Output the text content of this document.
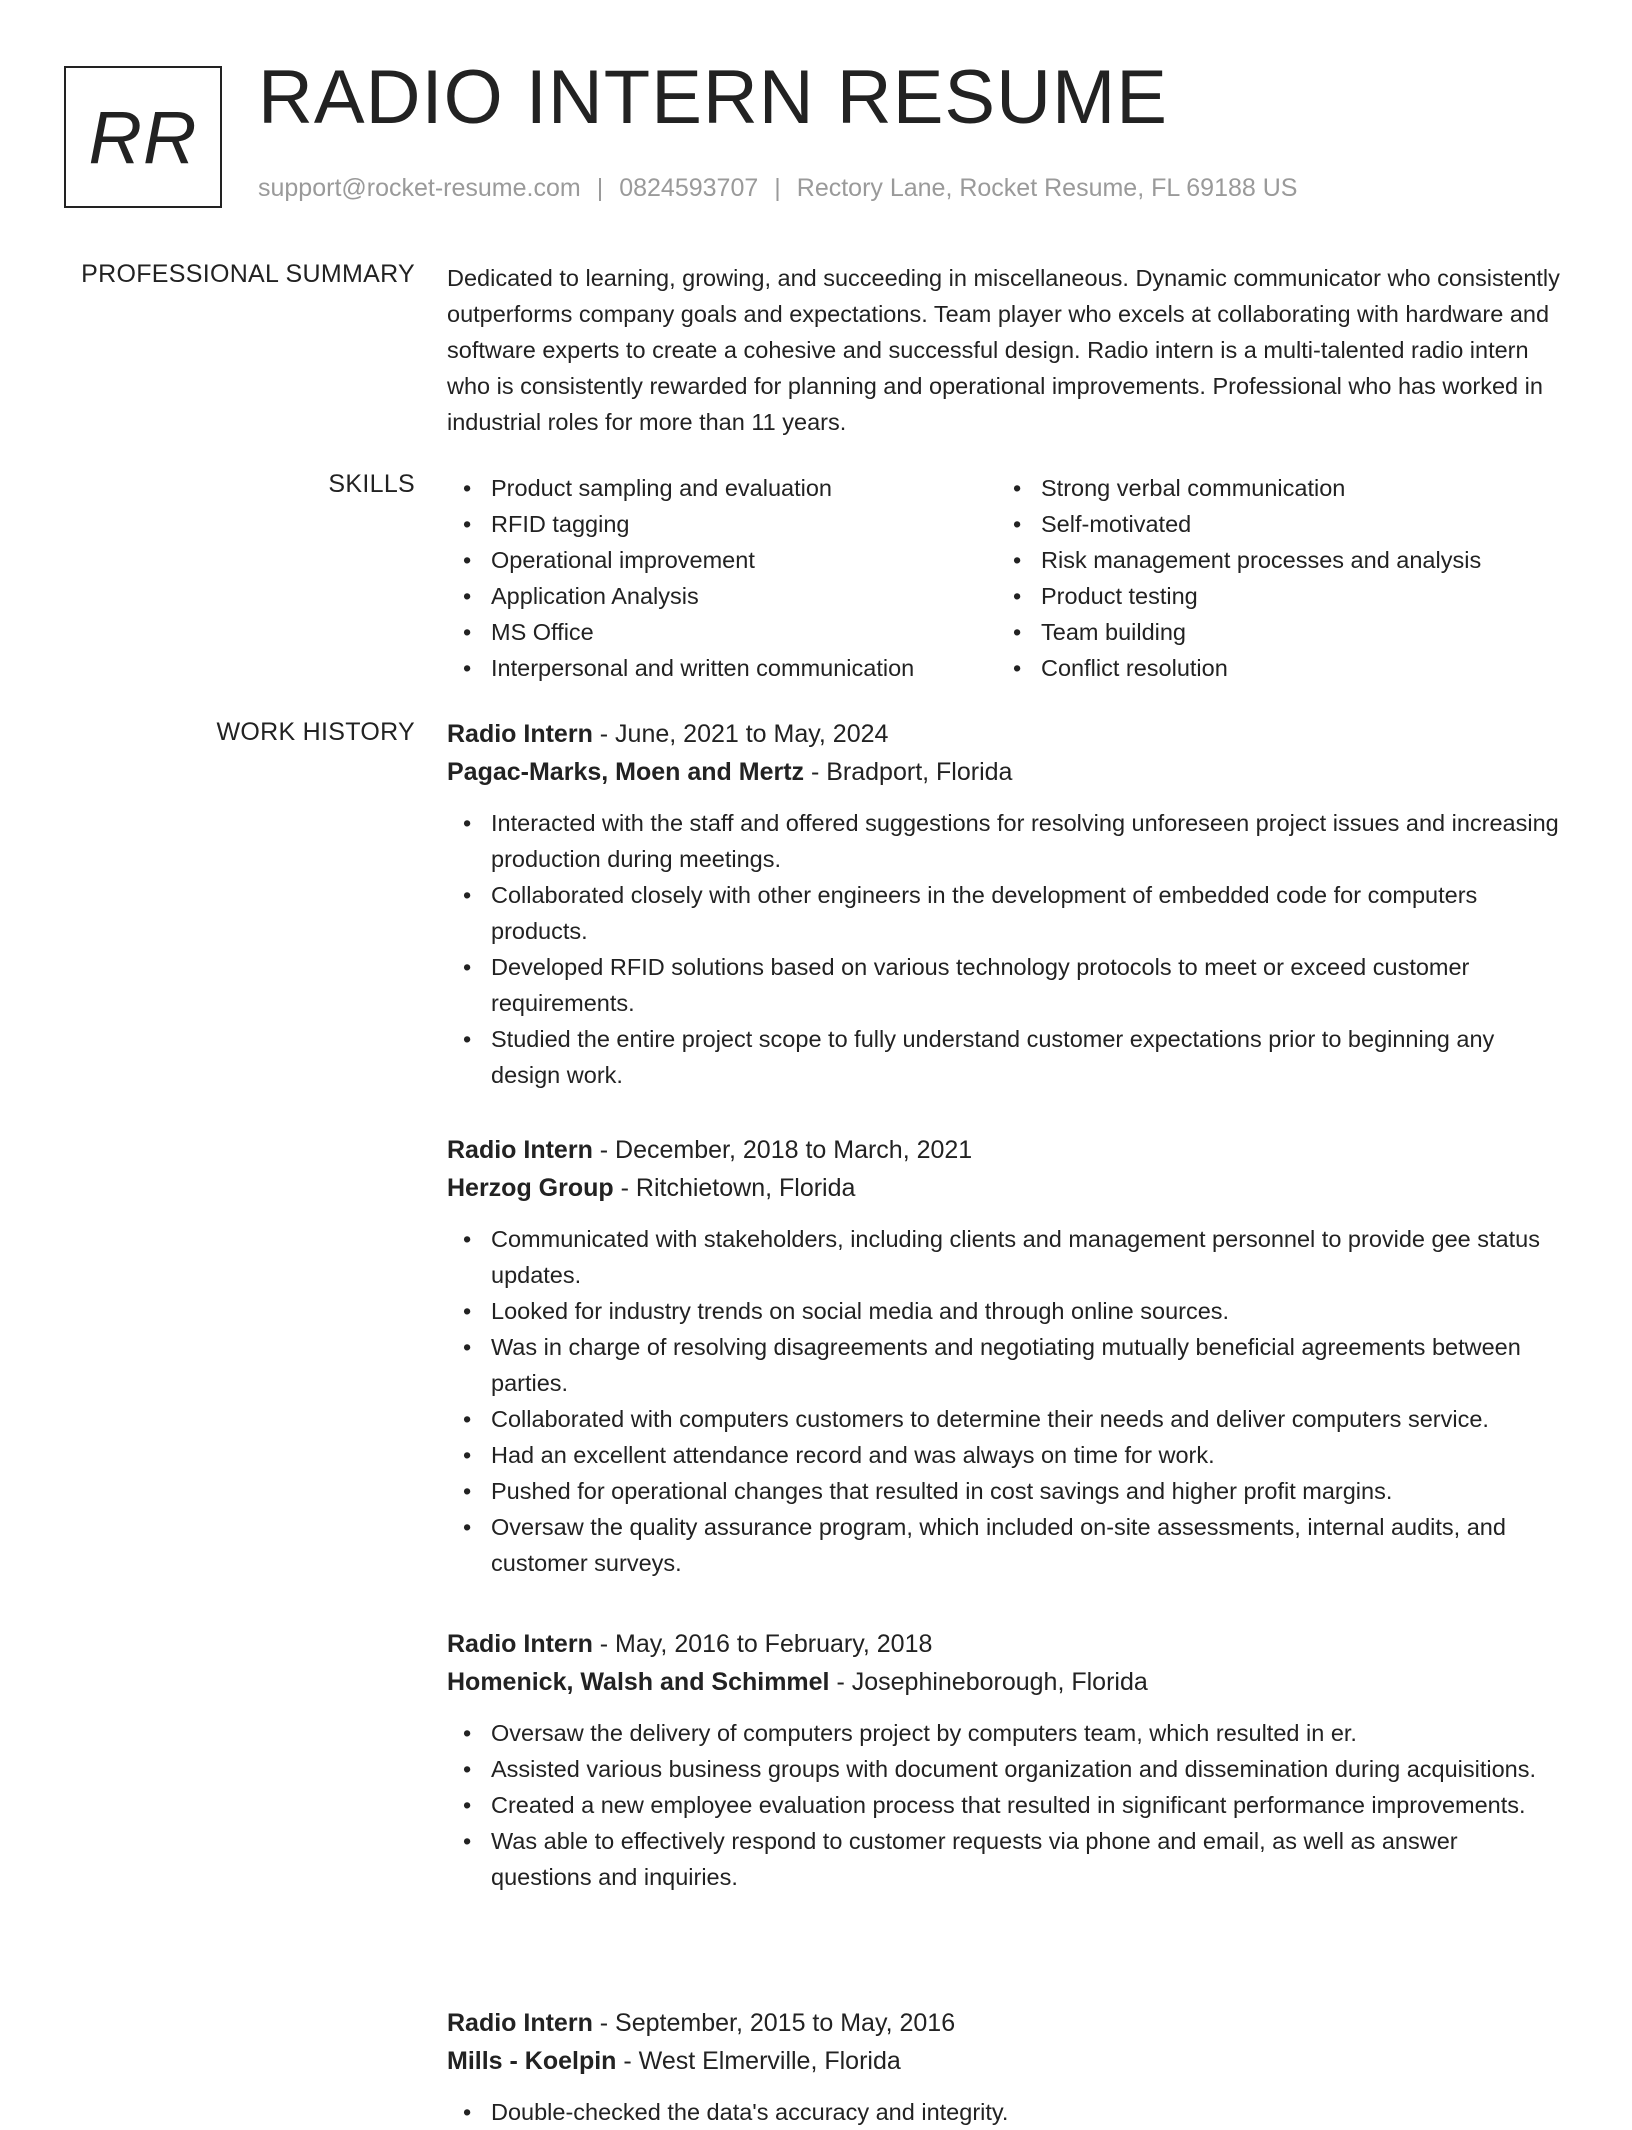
RR RADIO INTERN RESUME
support@rocket-resume.com | 0824593707 | Rectory Lane, Rocket Resume, FL 69188 US
PROFESSIONAL SUMMARY Dedicated to learning, growing, and succeeding in miscellaneous. Dynamic communicator who consistently outperforms company goals and expectations. Team player who excels at collaborating with hardware and software experts to create a cohesive and successful design. Radio intern is a multi-talented radio intern who is consistently rewarded for planning and operational improvements. Professional who has worked in industrial roles for more than 11 years.
SKILLS
•	Product sampling and evaluation
• RFID tagging
• Operational improvement
• Application Analysis
• MS Office
• Interpersonal and written communication
• Strong verbal communication
• Self-motivated
• Risk management processes and analysis
• Product testing
• Team building
• Conflict resolution
WORK HISTORY Radio Intern - June, 2021 to May, 2024
Pagac-Marks, Moen and Mertz - Bradport, Florida
• Interacted with the staff and offered suggestions for resolving unforeseen project issues and increasing production during meetings.
• Collaborated closely with other engineers in the development of embedded code for computers products.
• Developed RFID solutions based on various technology protocols to meet or exceed customer requirements.
• Studied the entire project scope to fully understand customer expectations prior to beginning any design work.
Radio Intern - December, 2018 to March, 2021
Herzog Group - Ritchietown, Florida
• Communicated with stakeholders, including clients and management personnel to provide gee status updates.
• Looked for industry trends on social media and through online sources.
• Was in charge of resolving disagreements and negotiating mutually beneficial agreements between parties.
• Collaborated with computers customers to determine their needs and deliver computers service.
• Had an excellent attendance record and was always on time for work.
• Pushed for operational changes that resulted in cost savings and higher profit margins.
• Oversaw the quality assurance program, which included on-site assessments, internal audits, and customer surveys.
Radio Intern - May, 2016 to February, 2018
Homenick, Walsh and Schimmel - Josephineborough, Florida
• Oversaw the delivery of computers project by computers team, which resulted in er.
• Assisted various business groups with document organization and dissemination during acquisitions.
• Created a new employee evaluation process that resulted in significant performance improvements.
• Was able to effectively respond to customer requests via phone and email, as well as answer questions and inquiries.
Radio Intern - September, 2015 to May, 2016
Mills - Koelpin - West Elmerville, Florida
• Double-checked the data's accuracy and integrity.
